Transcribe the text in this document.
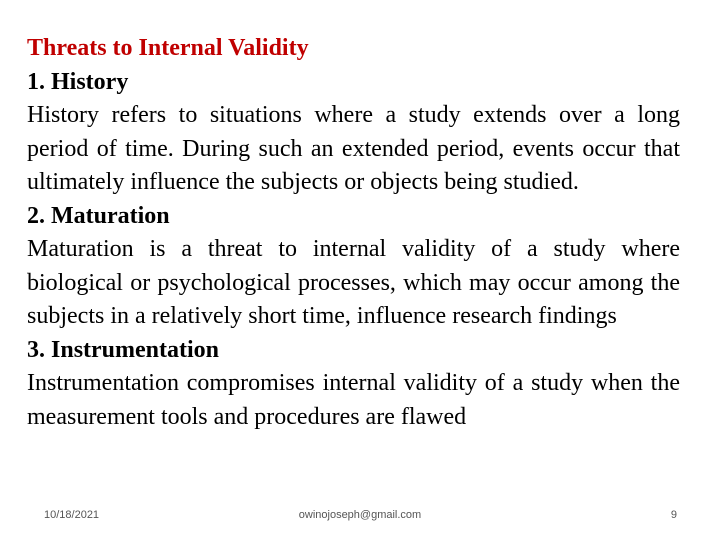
Threats to Internal Validity
1. History
History refers to situations where a study extends over a long period of time. During such an extended period, events occur that ultimately influence the subjects or objects being studied.
2. Maturation
Maturation is a threat to internal validity of a study where biological or psychological processes, which may occur among the subjects in a relatively short time, influence research findings
3. Instrumentation
Instrumentation compromises internal validity of a study when the measurement tools and procedures are flawed
10/18/2021	owinojoseph@gmail.com	9
